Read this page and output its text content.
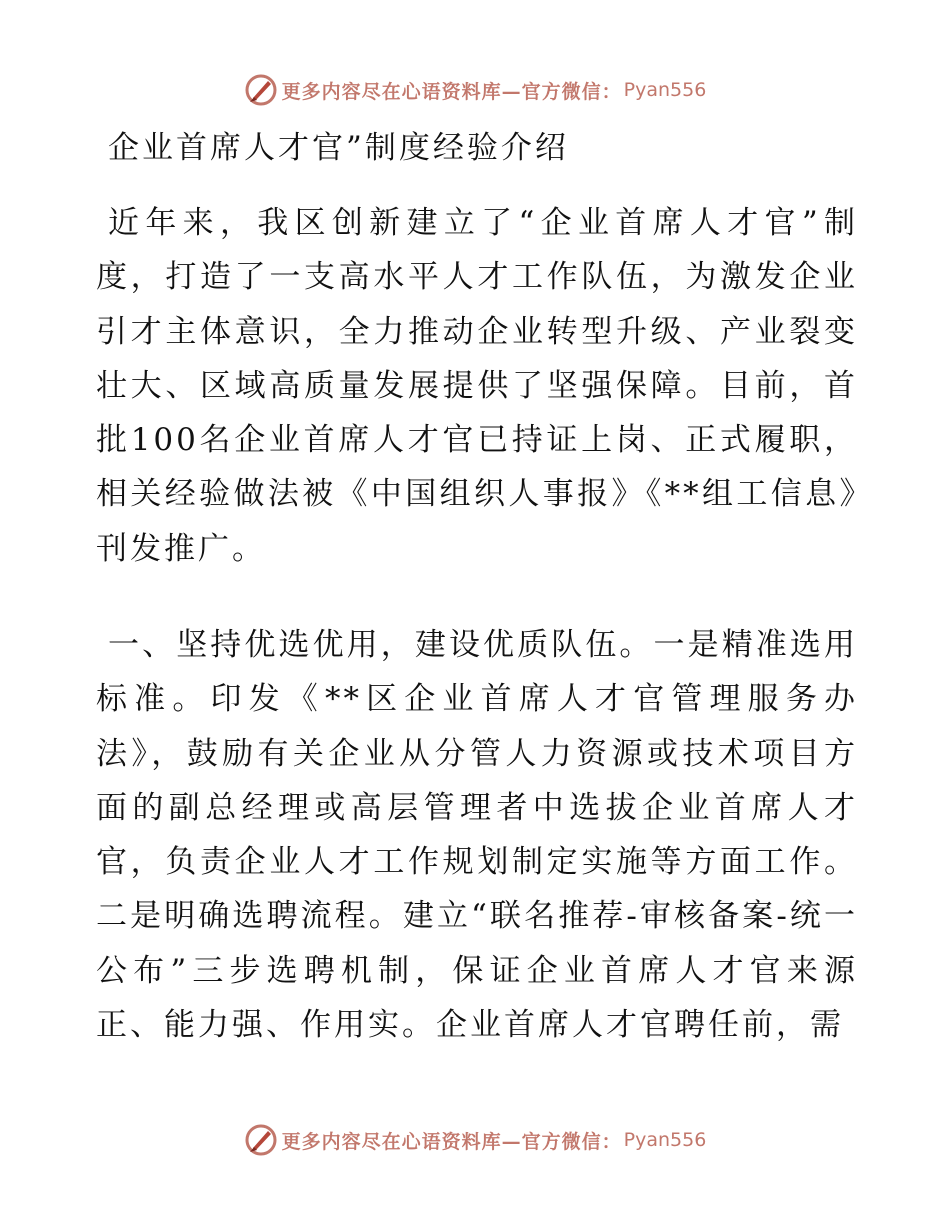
更多内容尽在心语资料库—官方微信： Pyan556
企业首席人才官”制度经验介绍

近年来，我区创新建立了“企业首席人才官”制度，打造了一支高水平人才工作队伍，为激发企业引才主体意识，全力推动企业转型升级、产业裂变壮大、区域高质量发展提供了坚强保障。目前，首批100名企业首席人才官已持证上岗、正式履职，相关经验做法被《中国组织人事报》《**组工信息》刊发推广。

一、坚持优选优用，建设优质队伍。一是精准选用标准。印发《**区企业首席人才官管理服务办法》，鼓励有关企业从分管人力资源或技术项目方面的副总经理或高层管理者中选拔企业首席人才官，负责企业人才工作规划制定实施等方面工作。二是明确选聘流程。建立“联名推荐-审核备案-统一公布”三步选聘机制，保证企业首席人才官来源正、能力强、作用实。企业首席人才官聘任前，需

更多内容尽在心语资料库—官方微信： Pyan556
